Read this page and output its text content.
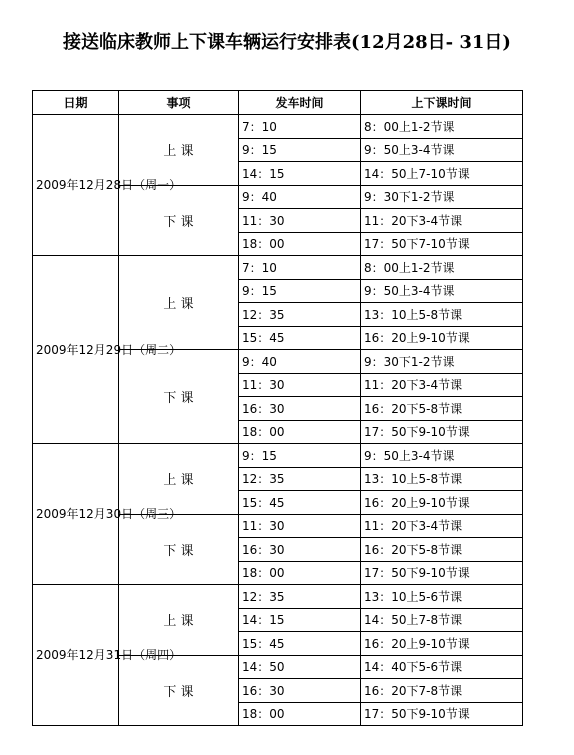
接送临床教师上下课车辆运行安排表(12月28日- 31日)
日期	事项	发车时间	上下课时间
2009年12月28日（周一）	上 课	7：10	8：00上1-2节课
		9：15	9：50上3-4节课
		14：15	14：50上7-10节课
	下 课	9：40	9：30下1-2节课
		11：30	11：20下3-4节课
		18：00	17：50下7-10节课
2009年12月29日（周二）	上 课	7：10	8：00上1-2节课
		9：15	9：50上3-4节课
		12：35	13：10上5-8节课
		15：45	16：20上9-10节课
	下 课	9：40	9：30下1-2节课
		11：30	11：20下3-4节课
		16：30	16：20下5-8节课
		18：00	17：50下9-10节课
2009年12月30日（周三）	上 课	9：15	9：50上3-4节课
		12：35	13：10上5-8节课
		15：45	16：20上9-10节课
	下 课	11：30	11：20下3-4节课
		16：30	16：20下5-8节课
		18：00	17：50下9-10节课
2009年12月31日（周四）	上 课	12：35	13：10上5-6节课
		14：15	14：50上7-8节课
		15：45	16：20上9-10节课
	下 课	14：50	14：40下5-6节课
		16：30	16：20下7-8节课
		18：00	17：50下9-10节课
